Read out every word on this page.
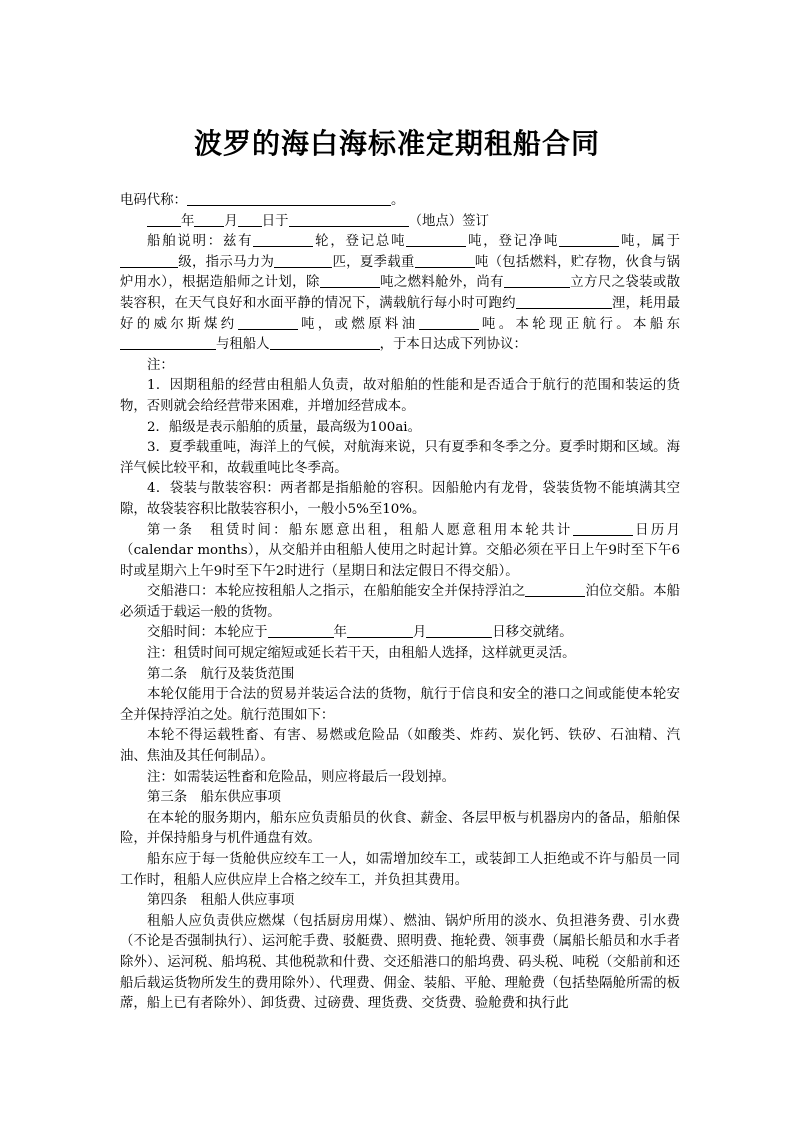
波罗的海白海标准定期租船合同

电码代称：	。

年 月 日于	（地点）签订

船舶说明：兹有	轮，登记总吨	吨，登记净吨	吨，属于级，指示马力为	匹，夏季载重	吨（包括燃料，贮存物，伙食与锅炉用水），根据造船师之计划，除	吨之燃料舱外，尚有	立方尺之袋装或散装容积，在天气良好和水面平静的情况下，满载航行每小时可跑约	浬，耗用最好的威尔斯煤约	吨，或燃原料油	吨。本轮现正航行。本船东与租船人	，于本日达成下列协议：

注：

1．因期租船的经营由租船人负责，故对船舶的性能和是否适合于航行的范围和装运的货物，否则就会给经营带来困难，并增加经营成本。

2．船级是表示船舶的质量，最高级为100ai。

3．夏季载重吨，海洋上的气候，对航海来说，只有夏季和冬季之分。夏季时期和区域。海洋气候比较平和，故载重吨比冬季高。

4．袋装与散装容积：两者都是指船舱的容积。因船舱内有龙骨，袋装货物不能填满其空隙，故袋装容积比散装容积小，一般小5%至10%。

第一条　租赁时间：船东愿意出租，租船人愿意租用本轮共计	日历月（calendar months），从交船并由租船人使用之时起计算。交船必须在平日上午9时至下午6时或星期六上午9时至下午2时进行（星期日和法定假日不得交船）。

交船港口：本轮应按租船人之指示，在船舶能安全并保持浮泊之	泊位交船。本船必须适于载运一般的货物。

交船时间：本轮应于	年	月	日移交就绪。

注：租赁时间可规定缩短或延长若干天，由租船人选择，这样就更灵活。

第二条　航行及装货范围

本轮仅能用于合法的贸易并装运合法的货物，航行于信良和安全的港口之间或能使本轮安全并保持浮泊之处。航行范围如下：

本轮不得运载牲畜、有害、易燃或危险品（如酸类、炸药、炭化钙、铁矽、石油精、汽油、焦油及其任何制品）。

注：如需装运牲畜和危险品，则应将最后一段划掉。

第三条　船东供应事项

在本轮的服务期内，船东应负责船员的伙食、薪金、各层甲板与机器房内的备品，船舶保险，并保持船身与机件通盘有效。

船东应于每一货舱供应绞车工一人，如需增加绞车工，或装卸工人拒绝或不许与船员一同工作时，租船人应供应岸上合格之绞车工，并负担其费用。

第四条　租船人供应事项

租船人应负责供应燃煤（包括厨房用煤）、燃油、锅炉所用的淡水、负担港务费、引水费（不论是否强制执行）、运河舵手费、驳艇费、照明费、拖轮费、领事费（属船长船员和水手者除外）、运河税、船坞税、其他税款和什费、交还船港口的船坞费、码头税、吨税（交船前和还船后载运货物所发生的费用除外）、代理费、佣金、装船、平舱、理舱费（包括垫隔舱所需的板蓆，船上已有者除外）、卸货费、过磅费、理货费、交货费、验舱费和执行此
